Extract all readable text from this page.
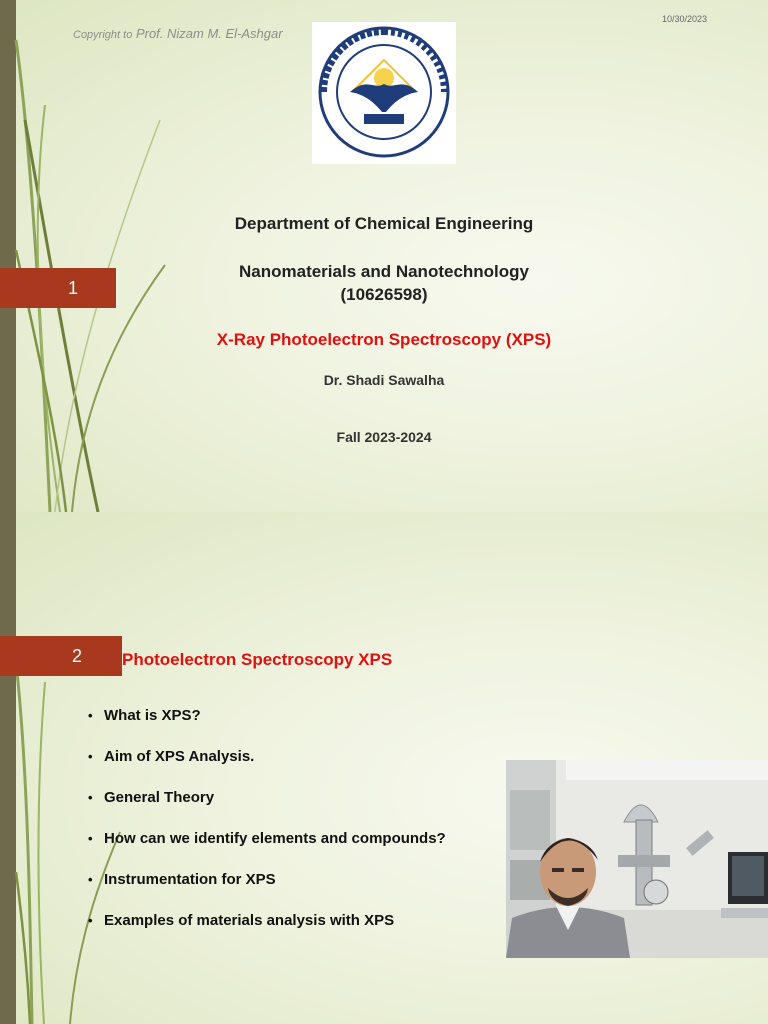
1
Department of Chemical Engineering
Nanomaterials and Nanotechnology
(10626598)
X-Ray Photoelectron Spectroscopy (XPS)
Dr. Shadi Sawalha
Fall 2023-2024
10/30/2023
Copyright to Prof. Nizam M. El-Ashgar
2 Photoelectron Spectroscopy XPS
• What is XPS?
• Aim of XPS Analysis.
• General Theory
• How can we identify elements and compounds?
• Instrumentation for XPS
• Examples of materials analysis with XPS
